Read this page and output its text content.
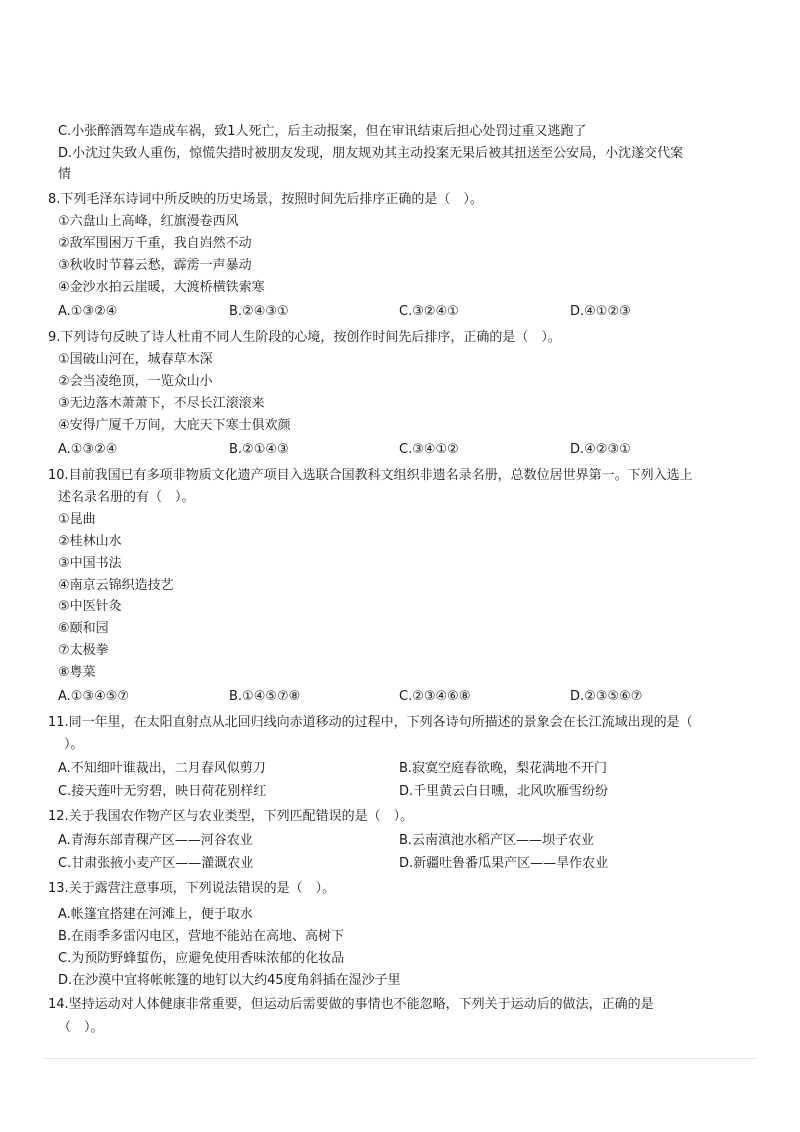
C.小张醉酒驾车造成车祸，致1人死亡，后主动报案，但在审讯结束后担心处罚过重又逃跑了
D.小沈过失致人重伤，惊慌失措时被朋友发现，朋友规劝其主动投案无果后被其扭送至公安局，小沈遂交代案
情
8.下列毛泽东诗词中所反映的历史场景，按照时间先后排序正确的是（　）。
①六盘山上高峰，红旗漫卷西风
②敌军围困万千重，我自岿然不动
③秋收时节暮云愁，霹雳一声暴动
④金沙水拍云崖暖，大渡桥横铁索寒
A.①③②④	B.②④③①	C.③②④①	D.④①②③
9.下列诗句反映了诗人杜甫不同人生阶段的心境，按创作时间先后排序，正确的是（　）。
①国破山河在，城春草木深
②会当凌绝顶，一览众山小
③无边落木萧萧下，不尽长江滚滚来
④安得广厦千万间，大庇天下寒士俱欢颜
A.①③②④	B.②①④③	C.③④①②	D.④②③①
10.目前我国已有多项非物质文化遗产项目入选联合国教科文组织非遗名录名册，总数位居世界第一。下列入选上
述名录名册的有（　）。
①昆曲
②桂林山水
③中国书法
④南京云锦织造技艺
⑤中医针灸
⑥颐和园
⑦太极拳
⑧粤菜
A.①③④⑤⑦	B.①④⑤⑦⑧	C.②③④⑥⑧	D.②③⑤⑥⑦
11.同一年里，在太阳直射点从北回归线向赤道移动的过程中，下列各诗句所描述的景象会在长江流域出现的是（
）。
A.不知细叶谁裁出，二月春风似剪刀	B.寂寞空庭春欲晚，梨花满地不开门
C.接天莲叶无穷碧，映日荷花别样红	D.千里黄云白日曛，北风吹雁雪纷纷
12.关于我国农作物产区与农业类型，下列匹配错误的是（　）。
A.青海东部青稞产区——河谷农业	B.云南滇池水稻产区——坝子农业
C.甘肃张掖小麦产区——灌溉农业	D.新疆吐鲁番瓜果产区——旱作农业
13.关于露营注意事项，下列说法错误的是（　）。
A.帐篷宜搭建在河滩上，便于取水
B.在雨季多雷闪电区，营地不能站在高地、高树下
C.为预防野蜂蜇伤，应避免使用香味浓郁的化妆品
D.在沙漠中宜将帐帐篷的地钉以大约45度角斜插在湿沙子里
14.坚持运动对人体健康非常重要，但运动后需要做的事情也不能忽略，下列关于运动后的做法，正确的是
（　）。
